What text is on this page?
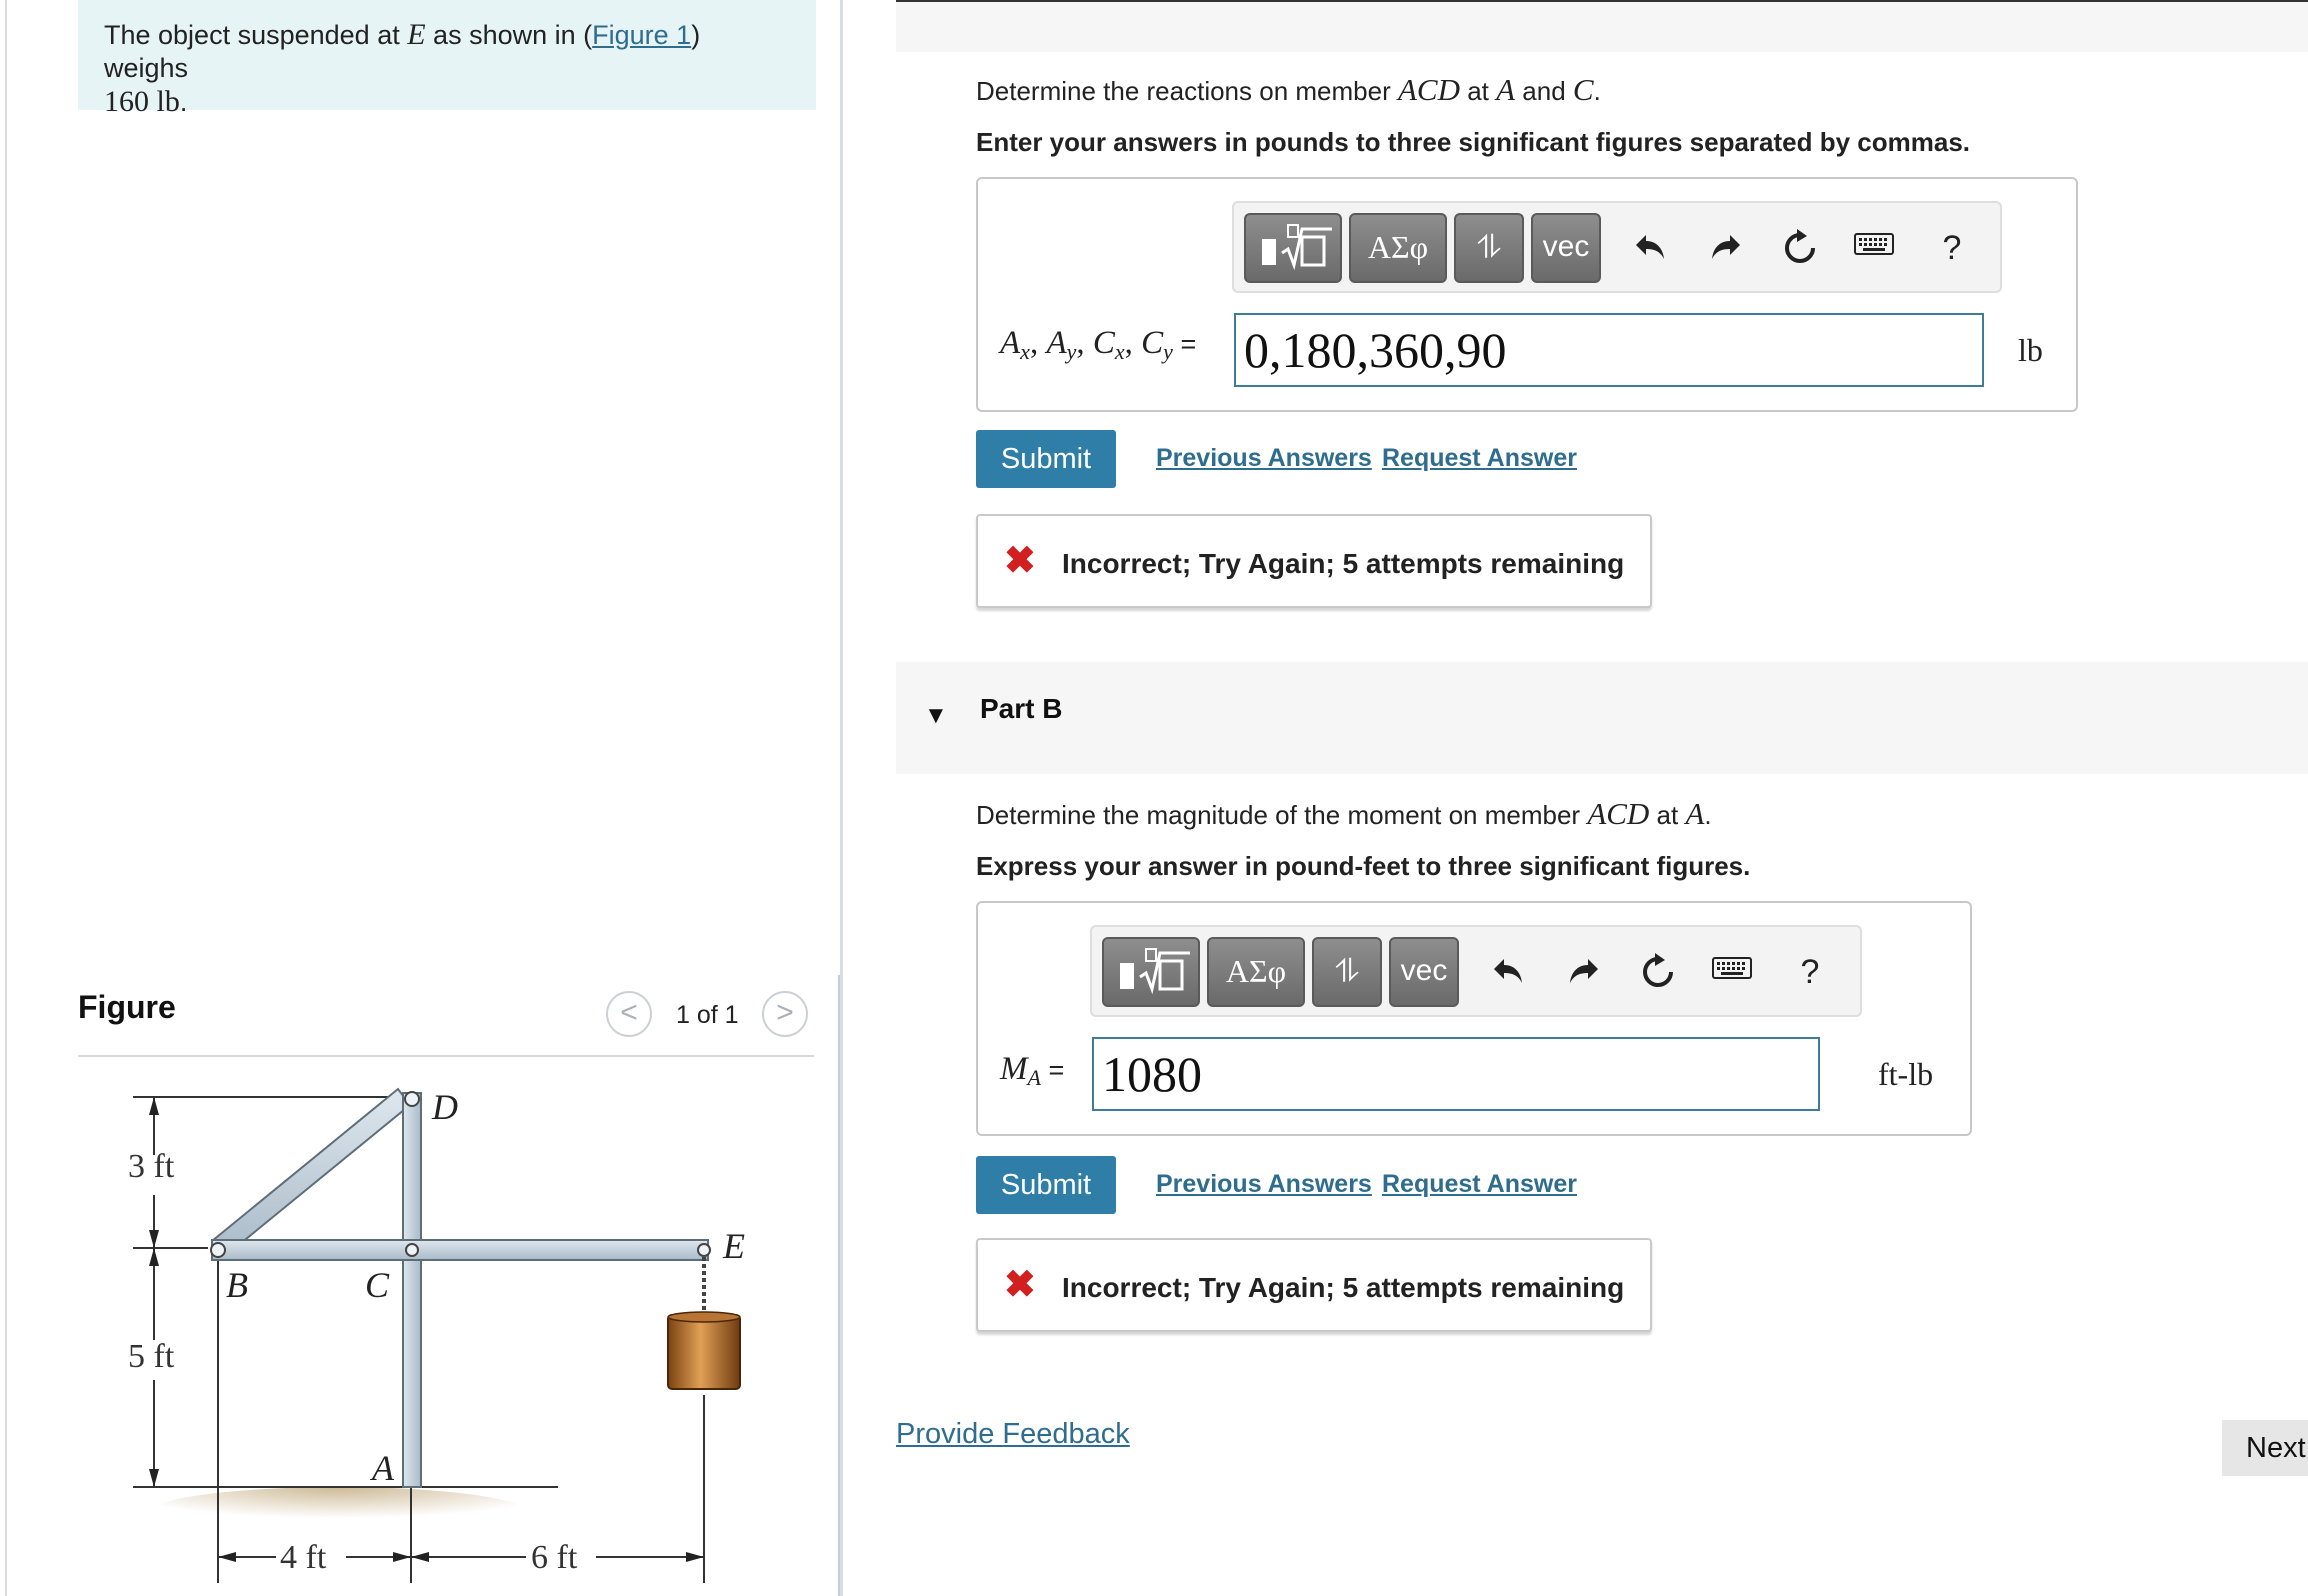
The object suspended at E as shown in (Figure 1) weighs
160 lb.
Figure	<	1 of 1	>
3 ft
5 ft
4 ft	6 ft
D
B	C
E
A
Determine the reactions on member ACD at A and C.
Enter your answers in pounds to three significant figures separated by commas.
ΑΣφ	⥮	vec	?
$A_x$, $A_y$, $C_x$, $C_y = 0,180,360,90$	lb
Submit	Previous Answers Request Answer
✖ Incorrect; Try Again; 5 attempts remaining
▼ Part B
Determine the magnitude of the moment on member ACD at A.
Express your answer in pound-feet to three significant figures.
ΑΣφ	⥮	vec	?
$M_A = 1080$	ft-lb
Submit	Previous Answers Request Answer
✖ Incorrect; Try Again; 5 attempts remaining
Provide Feedback	Next
